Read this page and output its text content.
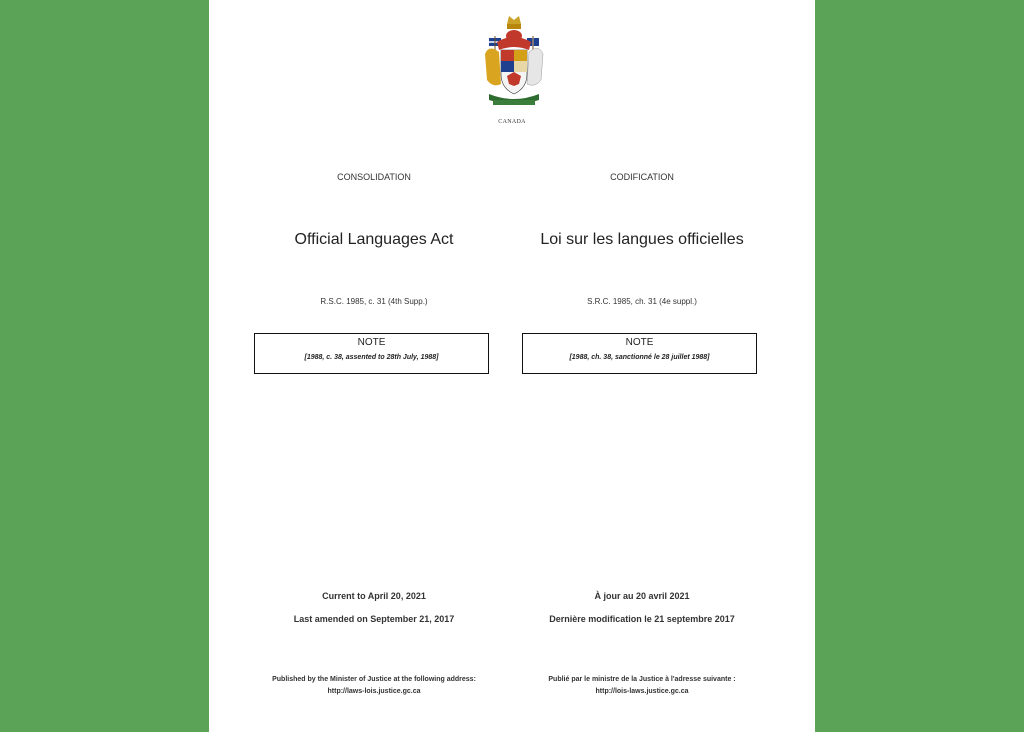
CANADA
CONSOLIDATION
Official Languages Act
R.S.C. 1985, c. 31 (4th Supp.)
NOTE
[1988, c. 38, assented to 28th July, 1988]
Current to April 20, 2021
Last amended on September 21, 2017
Published by the Minister of Justice at the following address:
http://laws-lois.justice.gc.ca
CODIFICATION
Loi sur les langues officielles
S.R.C. 1985, ch. 31 (4e suppl.)
NOTE
[1988, ch. 38, sanctionné le 28 juillet 1988]
À jour au 20 avril 2021
Dernière modification le 21 septembre 2017
Publié par le ministre de la Justice à l'adresse suivante :
http://lois-laws.justice.gc.ca
